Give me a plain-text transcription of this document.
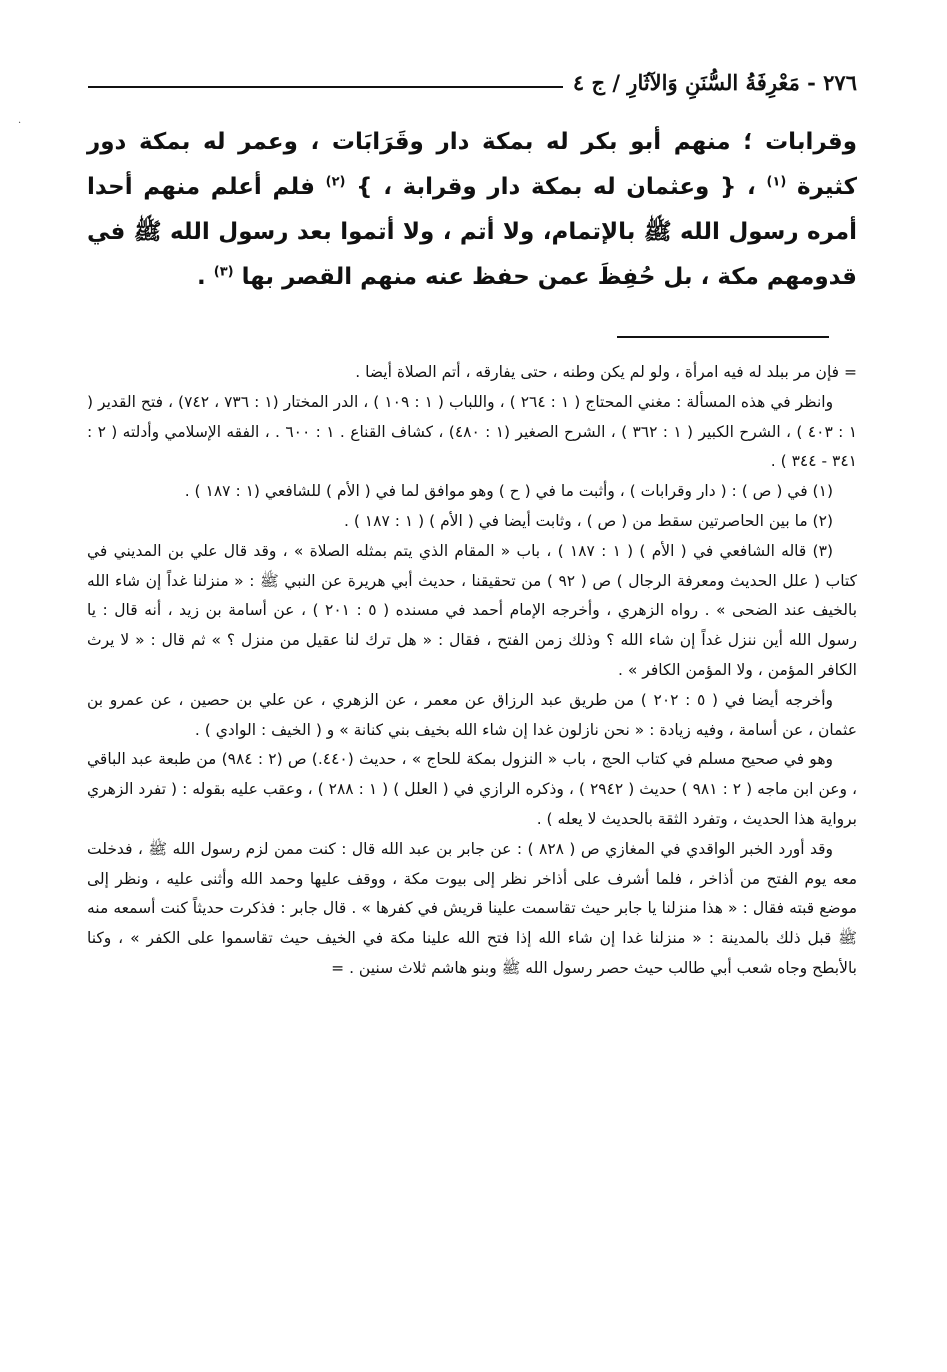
·
٢٧٦ - مَعْرِفَةُ السُّنَنِ وَالآثَارِ / ج ٤

وقرابات ؛ منهم أبو بكر له بمكة دار وقَرَابَات ، وعمر له بمكة دور كثيرة $^{(١)}$ ، { وعثمان له بمكة دار وقرابة ، } $^{(٢)}$ فلم أعلم منهم أحدا أمره رسول الله ﷺ بالإتمام، ولا أتم ، ولا أتموا بعد رسول الله ﷺ في قدومهم مكة ، بل حُفِظَ عمن حفظ عنه منهم القصر بها $^{(٣)}$ .

= فإن مر ببلد له فيه امرأة ، ولو لم يكن وطنه ، حتى يفارقه ، أتم الصلاة أيضا .

وانظر في هذه المسألة : مغني المحتاج ( ١ : ٢٦٤ ) ، واللباب ( ١ : ١٠٩ ) ، الدر المختار (١ : ٧٣٦ ، ٧٤٢) ، فتح القدير ( ١ : ٤٠٣ ) ، الشرح الكبير ( ١ : ٣٦٢ ) ، الشرح الصغير (١ : ٤٨٠) ، كشاف القناع . ١ : ٦٠٠ . ، الفقه الإسلامي وأدلته ( ٢ : ٣٤١ - ٣٤٤ ) .

(١) في ( ص ) : ( دار وقرابات ) ، وأثبت ما في ( ح ) وهو موافق لما في ( الأم ) للشافعي (١ : ١٨٧ ) .

(٢) ما بين الحاصرتين سقط من ( ص ) ، وثابت أيضا في ( الأم ) ( ١ : ١٨٧ ) .

(٣) قاله الشافعي في ( الأم ) ( ١ : ١٨٧ ) ، باب « المقام الذي يتم بمثله الصلاة » ، وقد قال علي بن المديني في كتاب ( علل الحديث ومعرفة الرجال ) ص ( ٩٢ ) من تحقيقنا ، حديث أبي هريرة عن النبي ﷺ : « منزلنا غداً إن شاء الله بالخيف عند الضحى » . رواه الزهري ، وأخرجه الإمام أحمد في مسنده ( ٥ : ٢٠١ ) ، عن أسامة بن زيد ، أنه قال : يا رسول الله أين ننزل غداً إن شاء الله ؟ وذلك زمن الفتح ، فقال : « هل ترك لنا عقيل من منزل ؟ » ثم قال : « لا يرث الكافر المؤمن ، ولا المؤمن الكافر » .

وأخرجه أيضا في ( ٥ : ٢٠٢ ) من طريق عبد الرزاق عن معمر ، عن الزهري ، عن علي بن حصين ، عن عمرو بن عثمان ، عن أسامة ، وفيه زيادة : « نحن نازلون غدا إن شاء الله بخيف بني كنانة » و ( الخيف : الوادي ) .

وهو في صحيح مسلم في كتاب الحج ، باب « النزول بمكة للحاج » ، حديث (٤٤٠.) ص (٢ : ٩٨٤) من طبعة عبد الباقي ، وعن ابن ماجه ( ٢ : ٩٨١ ) حديث ( ٢٩٤٢ ) ، وذكره الرازي في ( العلل ) ( ١ : ٢٨٨ ) ، وعقب عليه بقوله : ( تفرد الزهري برواية هذا الحديث ، وتفرد الثقة بالحديث لا يعله ) .

وقد أورد الخبر الواقدي في المغازي ص ( ٨٢٨ ) : عن جابر بن عبد الله قال : كنت ممن لزم رسول الله ﷺ ، فدخلت معه يوم الفتح من أذاخر ، فلما أشرف على أذاخر نظر إلى بيوت مكة ، ووقف عليها وحمد الله وأثنى عليه ، ونظر إلى موضع قبته فقال : « هذا منزلنا يا جابر حيث تقاسمت علينا قريش في كفرها » . قال جابر : فذكرت حديثاً كنت أسمعه منه ﷺ قبل ذلك بالمدينة : « منزلنا غدا إن شاء الله إذا فتح الله علينا مكة في الخيف حيث تقاسموا على الكفر » ، وكنا بالأبطح وجاه شعب أبي طالب حيث حصر رسول الله ﷺ وبنو هاشم ثلاث سنين . =
